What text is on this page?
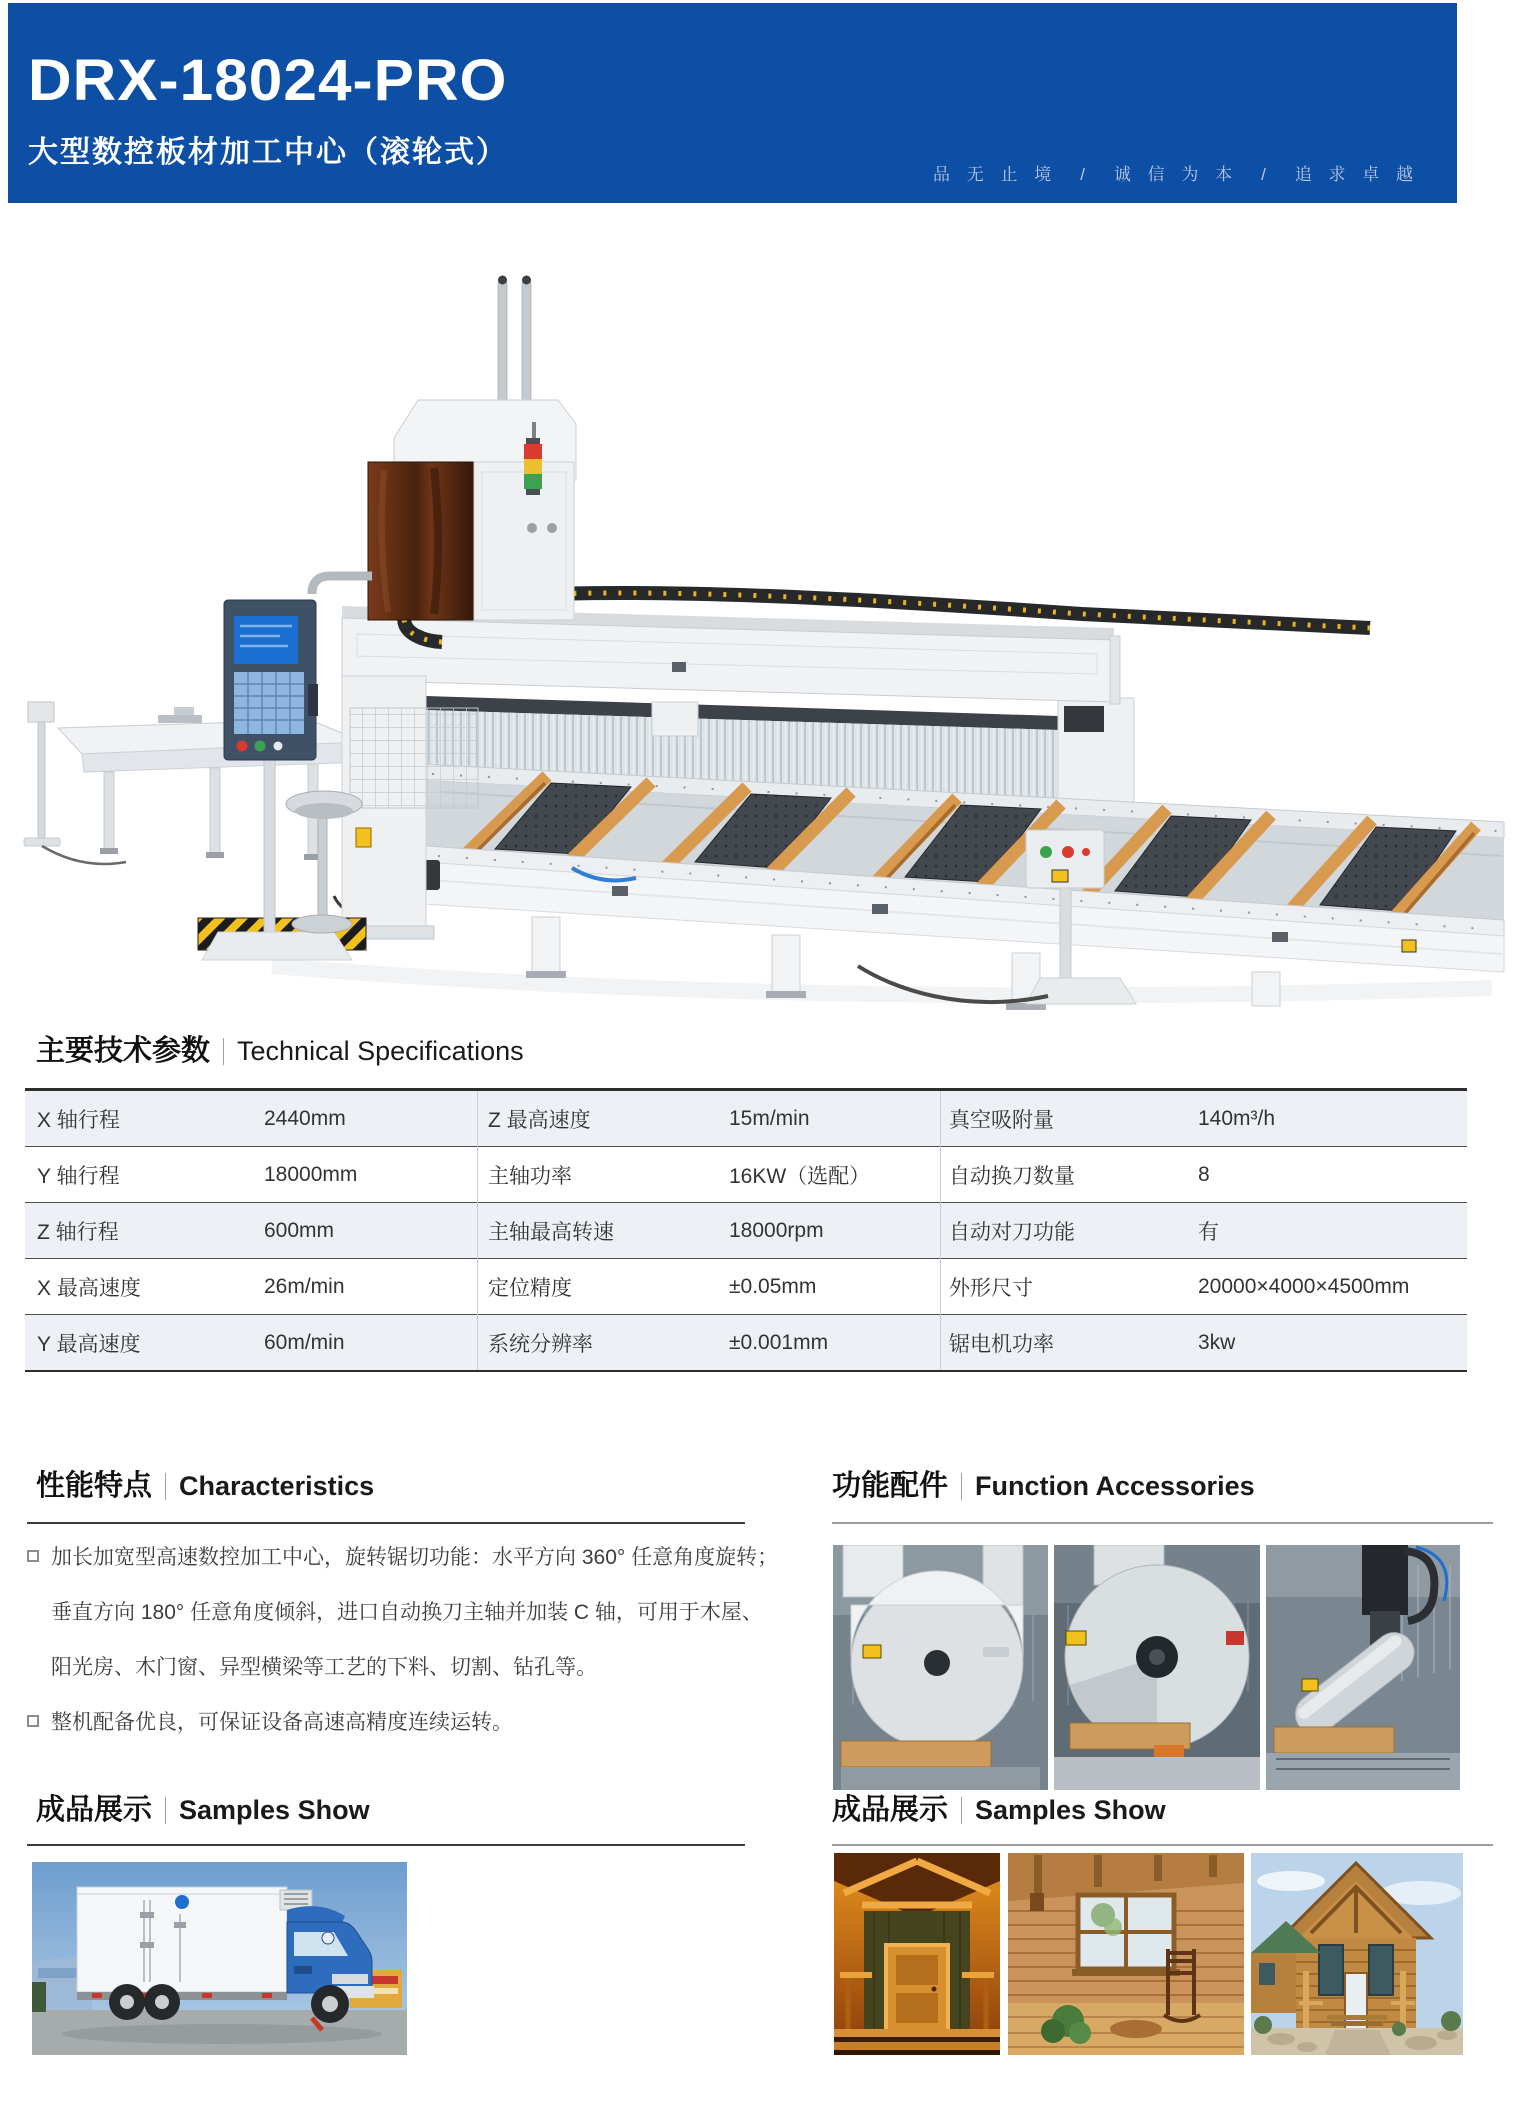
DRX-18024-PRO
大型数控板材加工中心（滚轮式）
品 无 止 境　/　诚 信 为 本　/　追 求 卓 越
主要技术参数 Technical Specifications
X 轴行程	2440mm	Z 最高速度	15m/min	真空吸附量	140m³/h
Y 轴行程	18000mm	主轴功率	16KW（选配）	自动换刀数量	8
Z 轴行程	600mm	主轴最高转速	18000rpm	自动对刀功能	有
X 最高速度	26m/min	定位精度	±0.05mm	外形尺寸	20000×4000×4500mm
Y 最高速度	60m/min	系统分辨率	±0.001mm	锯电机功率	3kw
性能特点 Characteristics
加长加宽型高速数控加工中心，旋转锯切功能：水平方向 360° 任意角度旋转；
垂直方向 180° 任意角度倾斜，进口自动换刀主轴并加装 C 轴，可用于木屋、
阳光房、木门窗、异型横梁等工艺的下料、切割、钻孔等。
整机配备优良，可保证设备高速高精度连续运转。
功能配件 Function Accessories
成品展示 Samples Show	成品展示 Samples Show
